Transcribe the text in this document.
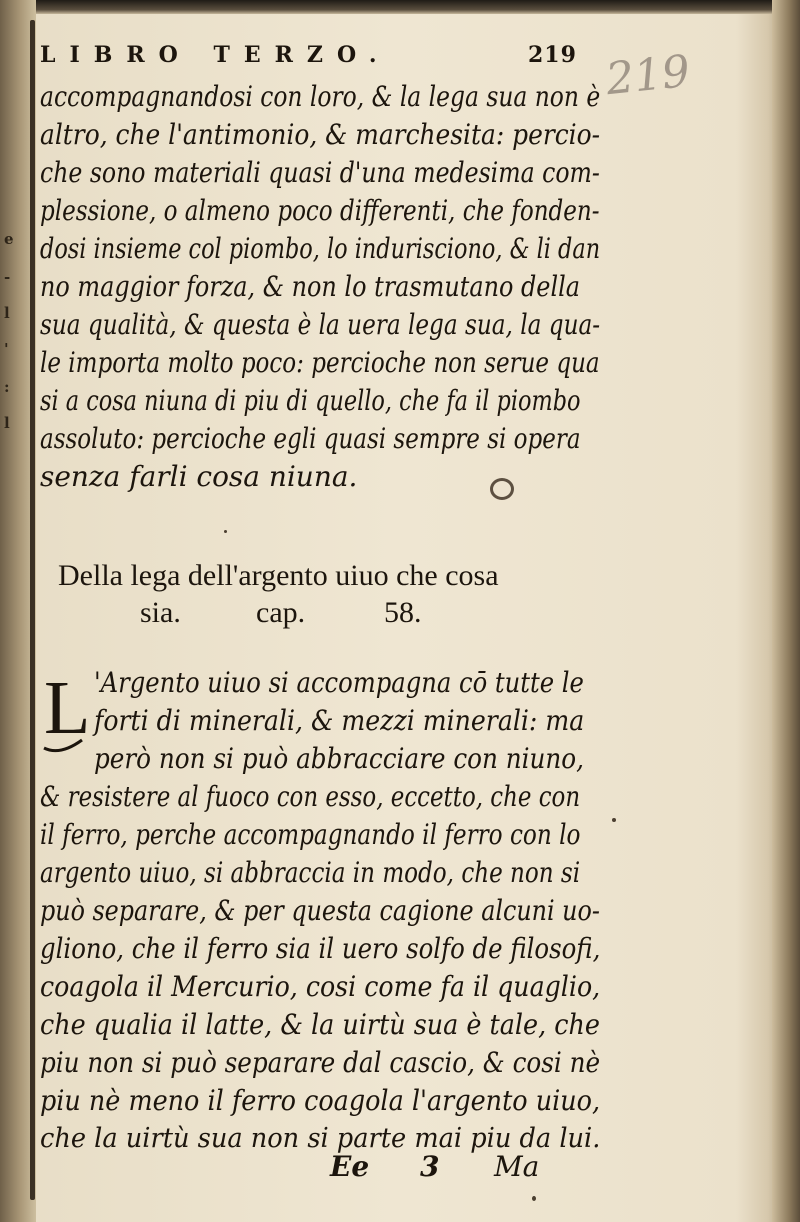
e
-
l
'
:
l
LIBRO TERZO.	219 219
accompagnandosi con loro, & la lega sua non è
altro, che l'antimonio, & marchesita: percio-
che sono materiali quasi d'una medesima com-
plessione, o almeno poco differenti, che fonden-
dosi insieme col piombo, lo indurisciono, & li dan
no maggior forza, & non lo trasmutano della
sua qualità, & questa è la uera lega sua, la qua-
le importa molto poco: percioche non serue qua
si a cosa niuna di piu di quello, che fa il piombo
assoluto: percioche egli quasi sempre si opera
senza farli cosa niuna.
Della lega dell'argento uiuo che cosa
sia.	cap.	58.
L 'Argento uiuo si accompagna cō tutte le
forti di minerali, & mezzi minerali: ma
però non si può abbracciare con niuno,
& resistere al fuoco con esso, eccetto, che con
il ferro, perche accompagnando il ferro con lo
argento uiuo, si abbraccia in modo, che non si
può separare, & per questa cagione alcuni uo-
gliono, che il ferro sia il uero solfo de filosofi,
coagola il Mercurio, cosi come fa il quaglio,
che qualia il latte, & la uirtù sua è tale, che
piu non si può separare dal cascio, & cosi nè
piu nè meno il ferro coagola l'argento uiuo,
che la uirtù sua non si parte mai piu da lui.
Ee 3 Ma
